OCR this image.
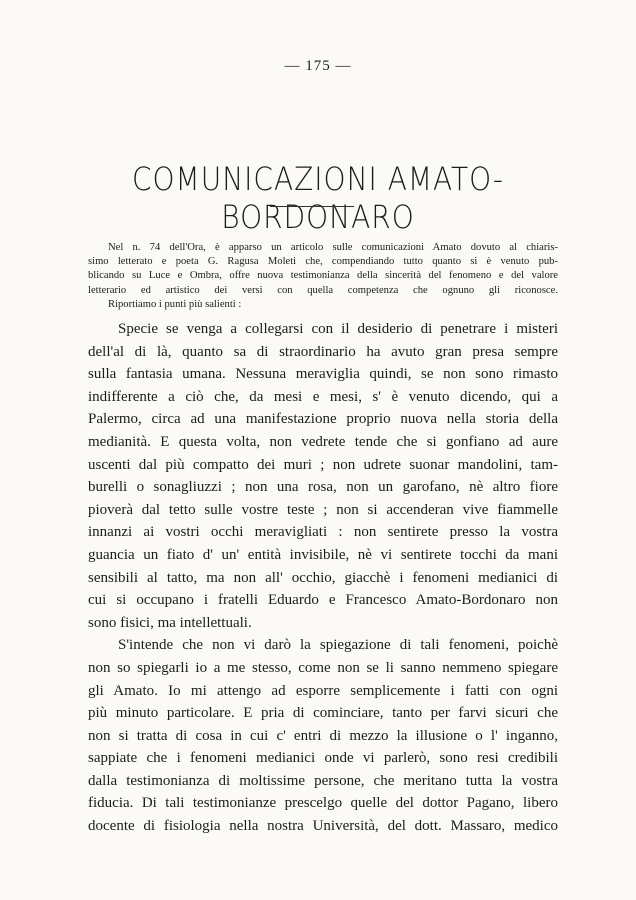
— 175 —
COMUNICAZIONI AMATO-BORDONARO
Nel n. 74 dell'Ora, è apparso un articolo sulle comunicazioni Amato dovuto al chiaris-
simo letterato e poeta G. Ragusa Moleti che, compendiando tutto quanto si è venuto pub-
blicando su Luce e Ombra, offre nuova testimonianza della sincerità del fenomeno e del valore
letterario ed artistico dei versi con quella competenza che ognuno gli riconosce.
Riportiamo i punti più salienti :
Specie se venga a collegarsi con il desiderio di penetrare i misteri
dell'al di là, quanto sa di straordinario ha avuto gran presa sempre
sulla fantasia umana. Nessuna meraviglia quindi, se non sono rimasto
indifferente a ciò che, da mesi e mesi, s' è venuto dicendo, qui a
Palermo, circa ad una manifestazione proprio nuova nella storia della
medianità. E questa volta, non vedrete tende che si gonfiano ad aure
uscenti dal più compatto dei muri ; non udrete suonar mandolini, tam-
burelli o sonagliuzzi ; non una rosa, non un garofano, nè altro fiore
pioverà dal tetto sulle vostre teste ; non si accenderan vive fiammelle
innanzi ai vostri occhi meravigliati : non sentirete presso la vostra
guancia un fiato d' un' entità invisibile, nè vi sentirete tocchi da mani
sensibili al tatto, ma non all' occhio, giacchè i fenomeni medianici di
cui si occupano i fratelli Eduardo e Francesco Amato-Bordonaro non
sono fisici, ma intellettuali.
S'intende che non vi darò la spiegazione di tali fenomeni, poichè
non so spiegarli io a me stesso, come non se li sanno nemmeno spiegare
gli Amato. Io mi attengo ad esporre semplicemente i fatti con ogni
più minuto particolare. E pria di cominciare, tanto per farvi sicuri che
non si tratta di cosa in cui c' entri di mezzo la illusione o l' inganno,
sappiate che i fenomeni medianici onde vi parlerò, sono resi credibili
dalla testimonianza di moltissime persone, che meritano tutta la vostra
fiducia. Di tali testimonianze prescelgo quelle del dottor Pagano, libero
docente di fisiologia nella nostra Università, del dott. Massaro, medico
